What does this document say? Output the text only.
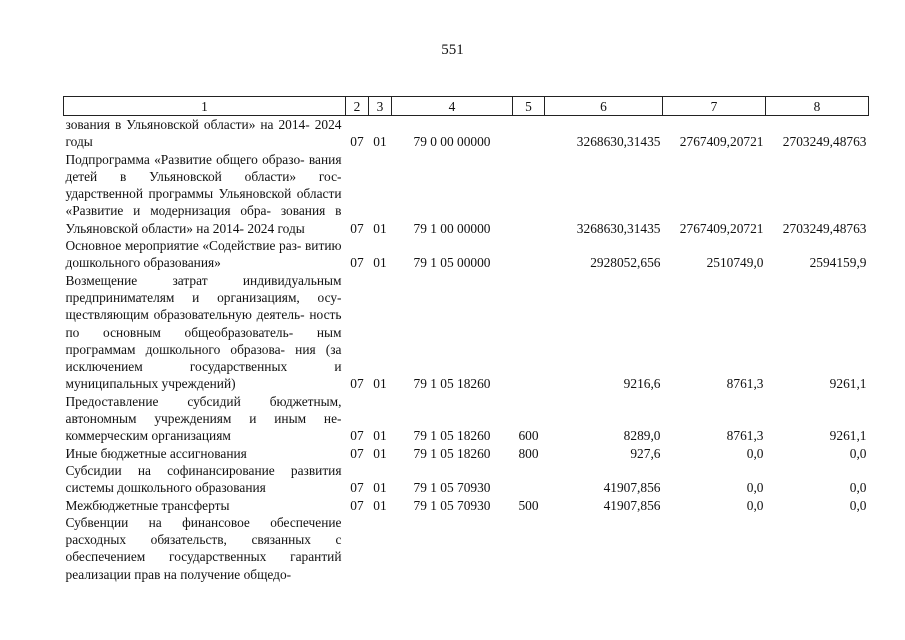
551
1	2	3	4	5	6	7	8
зования в Ульяновской области» на 2014- 2024 годы	07	01	79 0 00 00000		3268630,31435	2767409,20721	2703249,48763
Подпрограмма «Развитие общего образо- вания детей в Ульяновской области» гос- ударственной программы Ульяновской области «Развитие и модернизация обра- зования в Ульяновской области» на 2014- 2024 годы	07	01	79 1 00 00000		3268630,31435	2767409,20721	2703249,48763
Основное мероприятие «Содействие раз- витию дошкольного образования»	07	01	79 1 05 00000		2928052,656	2510749,0	2594159,9
Возмещение затрат индивидуальным предпринимателям и организациям, осу- ществляющим образовательную деятель- ность по основным общеобразователь- ным программам дошкольного образова- ния (за исключением государственных и муниципальных учреждений)	07	01	79 1 05 18260		9216,6	8761,3	9261,1
Предоставление субсидий бюджетным, автономным учреждениям и иным не- коммерческим организациям	07	01	79 1 05 18260	600	8289,0	8761,3	9261,1
Иные бюджетные ассигнования	07	01	79 1 05 18260	800	927,6	0,0	0,0
Субсидии на софинансирование развития системы дошкольного образования	07	01	79 1 05 70930		41907,856	0,0	0,0
Межбюджетные трансферты	07	01	79 1 05 70930	500	41907,856	0,0	0,0
Субвенции на финансовое обеспечение расходных обязательств, связанных с обеспечением государственных гарантий реализации прав на получение общедо-							
